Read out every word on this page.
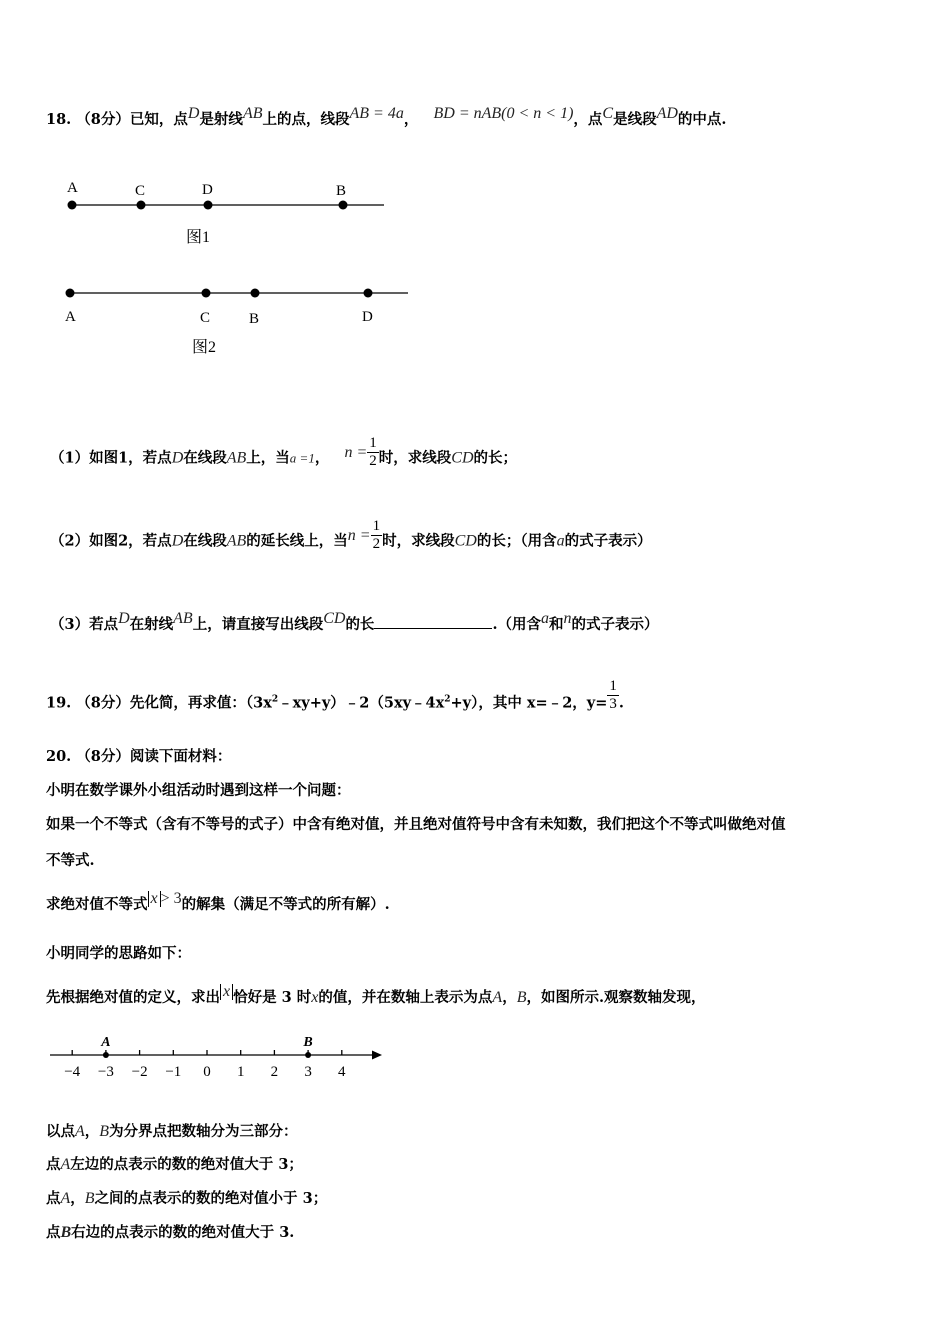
18. （8分）已知，点D是射线AB上的点，线段AB = 4a， BD = nAB(0 < n < 1)，点C是线段AD的中点.
A	C	D	B
图1
A	C	B	D
图2
（1）如图1，若点D在线段AB上，当a =1， $n = \frac{1}{2}$ 时，求线段CD的长；
（2）如图2，若点D在线段AB的延长线上，当$n = \frac{1}{2}$ 时，求线段CD的长；（用含a的式子表示）
（3）若点D在射线AB上，请直接写出线段CD的长	.（用含a和n的式子表示）
19. （8分）先化简，再求值：$(3x^2﹣xy+y)﹣2(5xy﹣4x^2+y)$，其中 x=﹣2，$y= \frac{1}{3}$ .
20. （8分）阅读下面材料：
小明在数学课外小组活动时遇到这样一个问题：
如果一个不等式（含有不等号的式子）中含有绝对值，并且绝对值符号中含有未知数，我们把这个不等式叫做绝对值
不等式.
求绝对值不等式 x > 3的解集（满足不等式的所有解）.
小明同学的思路如下：
先根据绝对值的定义，求出 x 恰好是 3 时x的值，并在数轴上表示为点A，B，如图所示.观察数轴发现，
−4 −3 −2 −1 0 1 2 3 4
A	B
以点A，B为分界点把数轴分为三部分：
点A左边的点表示的数的绝对值大于 3；
点A，B之间的点表示的数的绝对值小于 3；
点B右边的点表示的数的绝对值大于 3.
